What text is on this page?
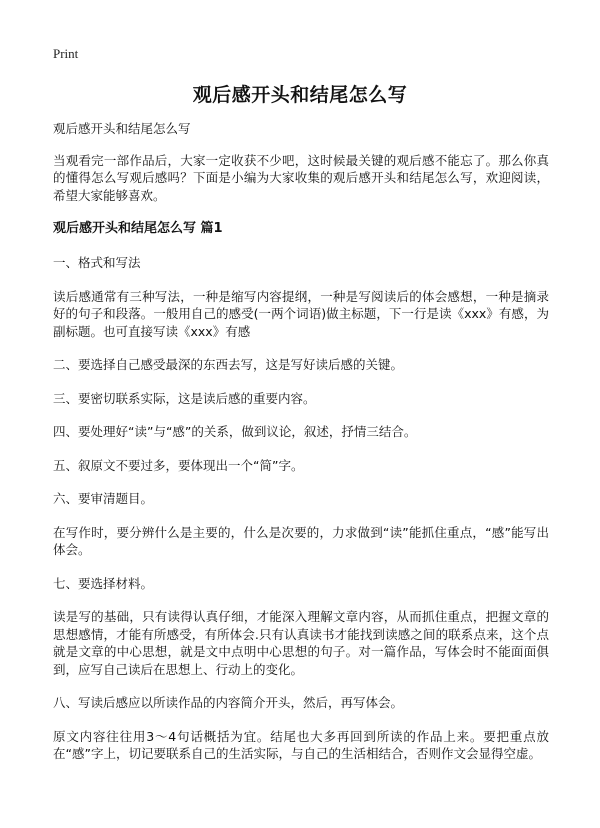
Print
观后感开头和结尾怎么写

观后感开头和结尾怎么写

当观看完一部作品后，大家一定收获不少吧，这时候最关键的观后感不能忘了。那么你真的懂得怎么写观后感吗？下面是小编为大家收集的观后感开头和结尾怎么写，欢迎阅读，希望大家能够喜欢。

观后感开头和结尾怎么写 篇1

一、格式和写法

读后感通常有三种写法，一种是缩写内容提纲，一种是写阅读后的体会感想，一种是摘录好的句子和段落。一般用自己的感受(一两个词语)做主标题，下一行是读《xxx》有感，为副标题。也可直接写读《xxx》有感

二、要选择自己感受最深的东西去写，这是写好读后感的关键。

三、要密切联系实际，这是读后感的重要内容。

四、要处理好“读”与“感”的关系，做到议论，叙述，抒情三结合。

五、叙原文不要过多，要体现出一个“简”字。

六、要审清题目。

在写作时，要分辨什么是主要的，什么是次要的，力求做到“读”能抓住重点，“感”能写出体会。

七、要选择材料。

读是写的基础，只有读得认真仔细，才能深入理解文章内容，从而抓住重点，把握文章的思想感情，才能有所感受，有所体会.只有认真读书才能找到读感之间的联系点来，这个点就是文章的中心思想，就是文中点明中心思想的句子。对一篇作品，写体会时不能面面俱到，应写自己读后在思想上、行动上的变化。

八、写读后感应以所读作品的内容简介开头，然后，再写体会。

原文内容往往用3～4句话概括为宜。结尾也大多再回到所读的作品上来。要把重点放在“感”字上，切记要联系自己的生活实际，与自己的生活相结合，否则作文会显得空虚。
